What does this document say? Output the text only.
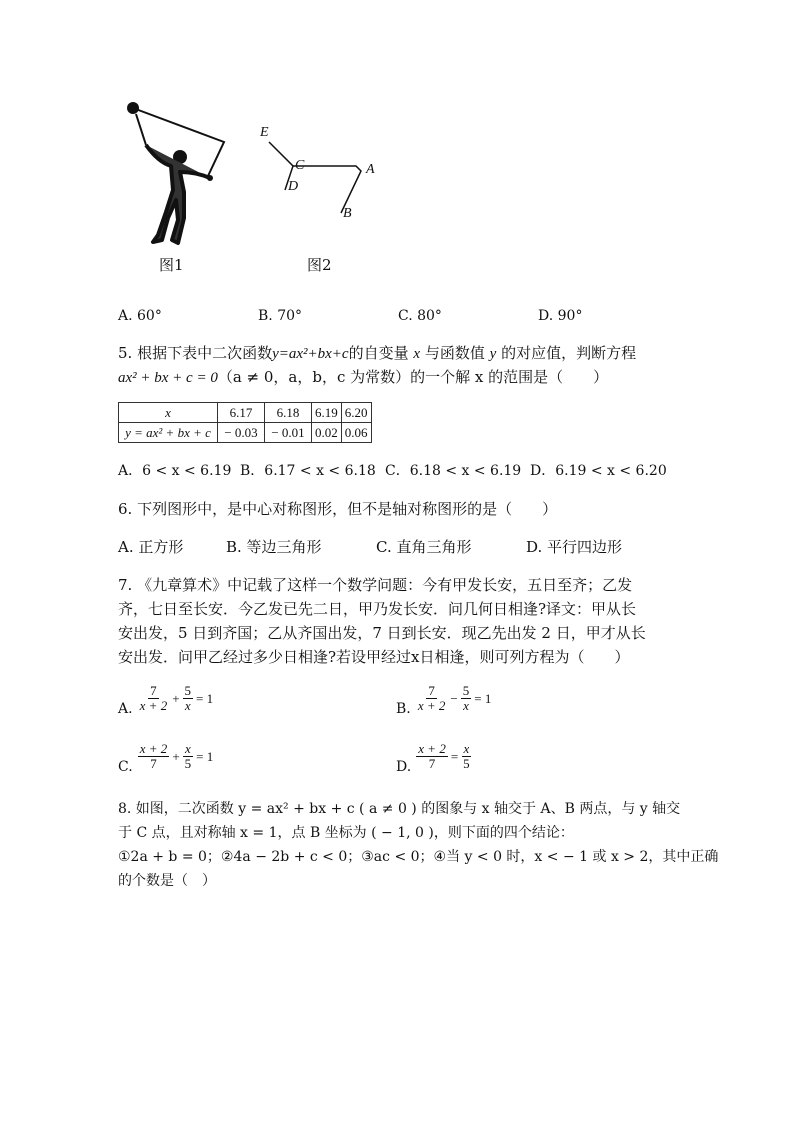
图1
E
C
D
A
B
图2
A. 60°	B. 70°	C. 80°	D. 90°
5. 根据下表中二次函数y=ax²+bx+c的自变量 x 与函数值 y 的对应值，判断方程
ax² + bx + c = 0（a ≠ 0，a，b，c 为常数）的一个解 x 的范围是（　　）
x	6.17	6.18	6.19	6.20
y = ax² + bx + c	− 0.03	− 0.01	0.02	0.06
A．6 < x < 6.19 B．6.17 < x < 6.18 C．6.18 < x < 6.19 D．6.19 < x < 6.20
6. 下列图形中，是中心对称图形，但不是轴对称图形的是（　　）
A. 正方形	B. 等边三角形	C. 直角三角形	D. 平行四边形
7. 《九章算术》中记载了这样一个数学问题：今有甲发长安，五日至齐；乙发
齐，七日至长安．今乙发已先二日，甲乃发长安．问几何日相逢?译文：甲从长
安出发，5 日到齐国；乙从齐国出发，7 日到长安．现乙先出发 2 日，甲才从长
安出发．问甲乙经过多少日相逢?若设甲经过x日相逢，则可列方程为（　　）
A. $\frac{7}{x + 2} + \frac{5}{x} = 1$
B. $\frac{7}{x + 2} - \frac{5}{x} = 1$
C. $\frac{x + 2}{7} + \frac{x}{5} = 1$
D. $\frac{x + 2}{7} = \frac{x}{5}$
8. 如图，二次函数 y = ax² + bx + c ( a ≠ 0 ) 的图象与 x 轴交于 A、B 两点，与 y 轴交
于 C 点，且对称轴 x = 1，点 B 坐标为 ( − 1, 0 )，则下面的四个结论：
①2a + b = 0；②4a − 2b + c < 0；③ac < 0；④当 y < 0 时，x < − 1 或 x > 2，其中正确
的个数是（　）
